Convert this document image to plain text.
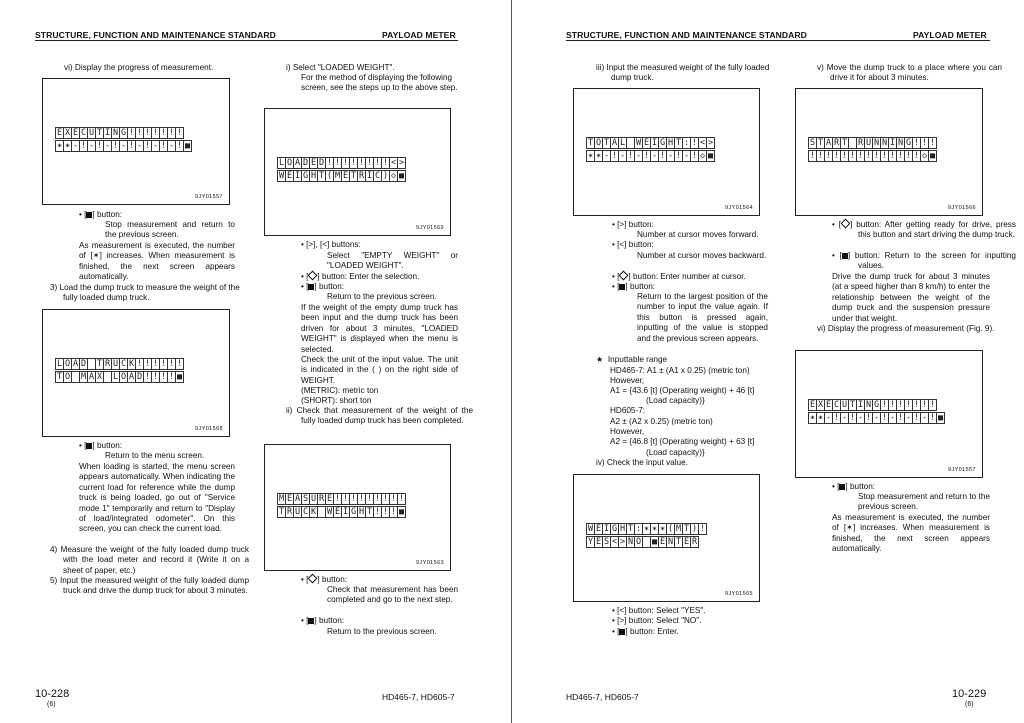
STRUCTURE, FUNCTION AND MAINTENANCE STANDARD	PAYLOAD METER
vi) Display the progress of measurement.
E X E C U T I N G ! ! ! ! ! ! !
✶ ✶ - ! - ! - ! - ! - ! - ! - ! ■
9JY01557
• [ ] button:
Stop measurement and return to the previous screen.
As measurement is executed, the number of [✶] increases. When measurement is finished, the next screen appears automatically.
3) Load the dump truck to measure the weight of the fully loaded dump truck.
L O A D T R U C K ! ! ! ! ! !
T O M A X L O A D ! ! ! ! ■
9JY01568
• [ ] button:
Return to the menu screen.
When loading is started, the menu screen appears automatically. When indicating the current load for reference while the dump truck is being loaded, go out of "Service mode 1" temporarily and return to "Display of load/integrated odometer". On this screen, you can check the current load.
4) Measure the weight of the fully loaded dump truck with the load meter and record it (Write it on a sheet of paper, etc.)
5) Input the measured weight of the fully loaded dump truck and drive the dump truck for about 3 minutes.
i) Select "LOADED WEIGHT".
For the method of displaying the following screen, see the steps up to the above step.
L O A D E D ! ! ! ! ! ! ! ! < >
W E I G H T ( M E T R I C ) ◇ ■
9JY01569
• [>], [<] buttons:
Select "EMPTY WEIGHT" or "LOADED WEIGHT".
• [ ] button: Enter the selection.
• [ ] button:
Return to the previous screen.
If the weight of the empty dump truck has been input and the dump truck has been driven for about 3 minutes, "LOADED WEIGHT" is displayed when the menu is selected.
Check the unit of the input value. The unit is indicated in the ( ) on the right side of WEIGHT.
(METRIC): metric ton
(SHORT): short ton
ii) Check that measurement of the weight of the fully loaded dump truck has been completed.
M E A S U R E ! ! ! ! ! ! ! ! !
T R U C K W E I G H T ! ! ! ■
9JY01563
• [ ] button:
Check that measurement has been completed and go to the next step.
• [ ] button:
Return to the previous screen.
10-228
(6)
HD465-7, HD605-7
STRUCTURE, FUNCTION AND MAINTENANCE STANDARD	PAYLOAD METER
iii) Input the measured weight of the fully loaded dump truck.
T O T A L W E I G H T : ! < >
✶ ✶ - ! - ! - ! - ! - ! - ! ◇ ■
9JY01564
• [>] button:
Number at cursor moves forward.
• [<] button:
Number at cursor moves backward.
• [ ] button: Enter number at cursor.
• [ ] button:
Return to the largest position of the number to input the value again. If this button is pressed again, inputting of the value is stopped and the previous screen appears.
★ Inputtable range
HD465-7: A1 ± (A1 x 0.25) (metric ton)
However,
A1 = {43.6 [t] (Operating weight) + 46 [t]
(Load capacity)}
HD605-7:
A2 ± (A2 x 0.25) (metric ton)
However,
A2 = {46.8 [t] (Operating weight) + 63 [t]
(Load capacity)}
iv) Check the input value.
W E I G H T : ✶ ✶ ✶ ( M T ) !
Y E S < > N O ■ E N T E R
9JY01565
• [<] button: Select "YES".
• [>] button: Select "NO".
• [ ] button: Enter.
v) Move the dump truck to a place where you can drive it for about 3 minutes.
S T A R T R U N N I N G ! ! !
! ! ! ! ! ! ! ! ! ! ! ! ! ! ◇ ■
9JY01566
• [ ] button: After getting ready for drive, press this button and start driving the dump truck.
• [ ] button: Return to the screen for inputting values.
Drive the dump truck for about 3 minutes (at a speed higher than 8 km/h) to enter the relationship between the weight of the dump truck and the suspension pressure under that weight.
vi) Display the progress of measurement (Fig. 9).
E X E C U T I N G ! ! ! ! ! ! !
✶ ✶ - ! - ! - ! - ! - ! - ! - ! ■
9JY01557
• [ ] button:
Stop measurement and return to the previous screen.
As measurement is executed, the number of [✶] increases. When measurement is finished, the next screen appears automatically.
HD465-7, HD605-7	10-229
(6)
